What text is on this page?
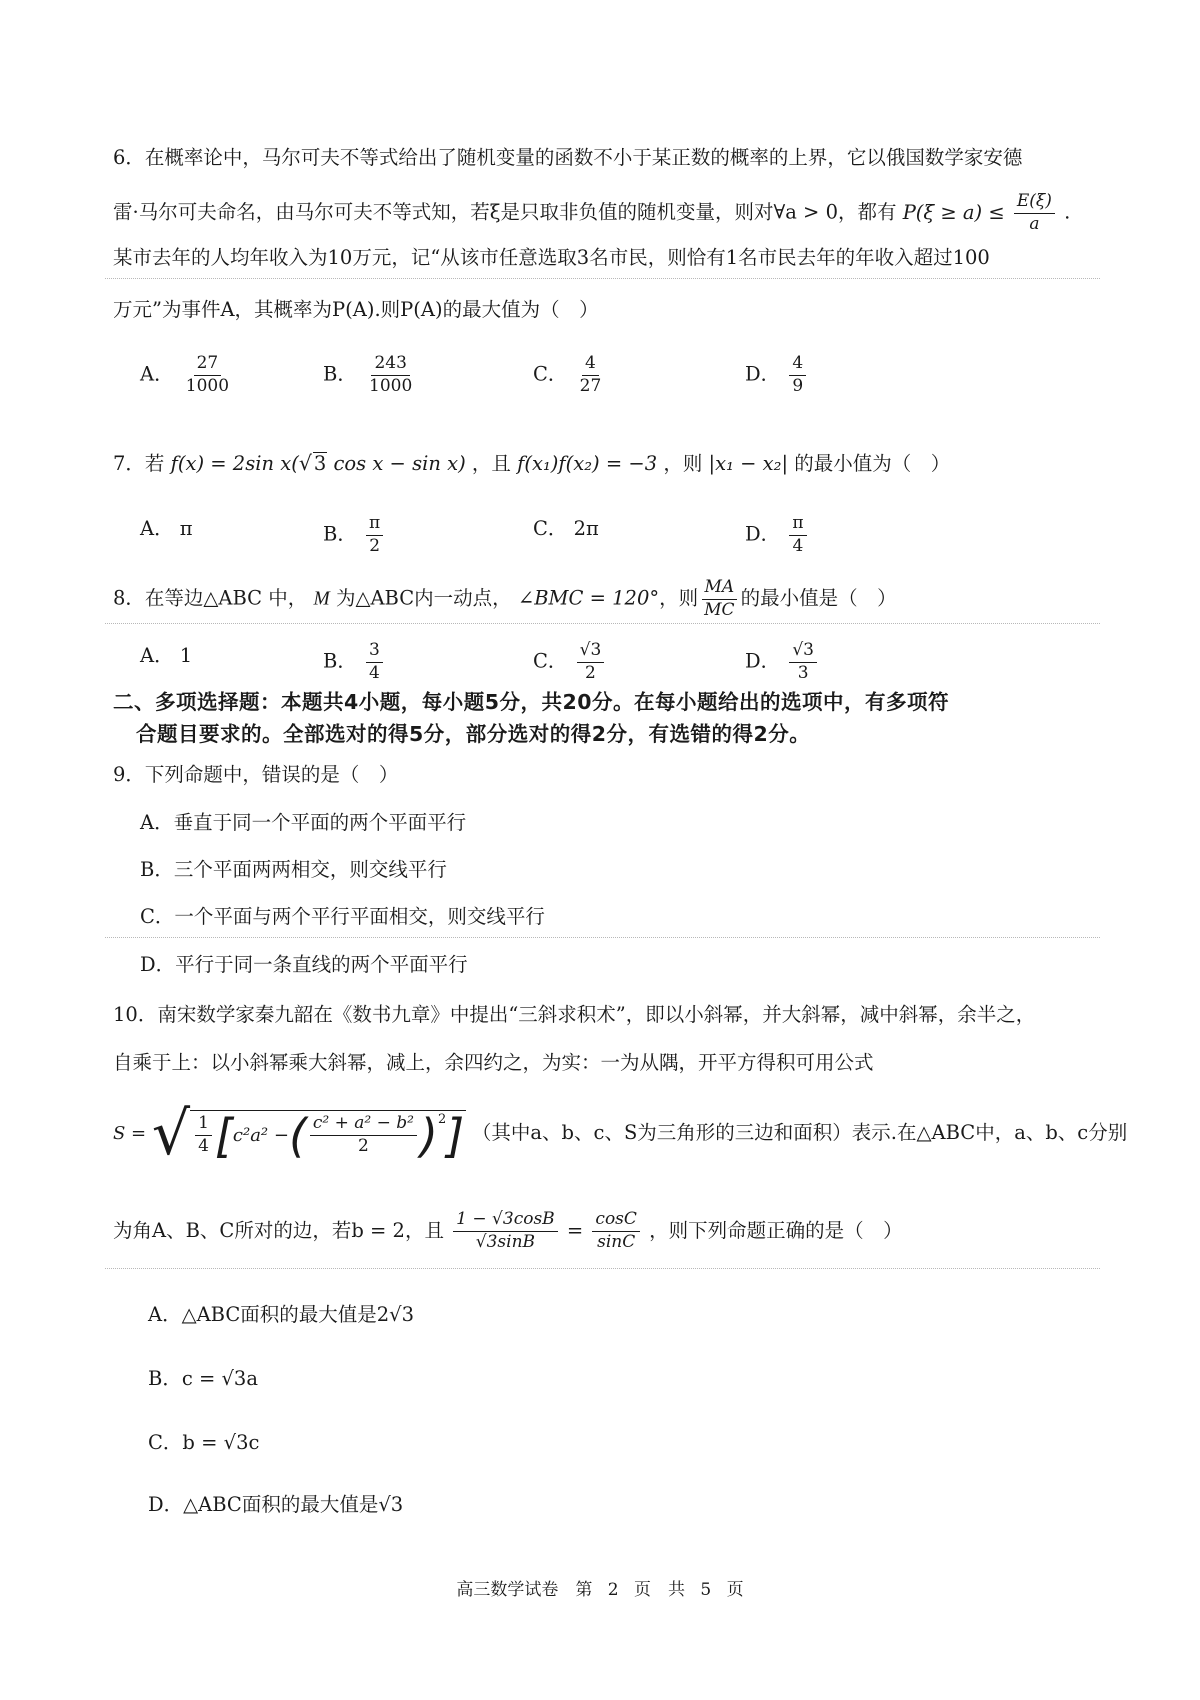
6．在概率论中，马尔可夫不等式给出了随机变量的函数不小于某正数的概率的上界，它以俄国数学家安德
雷·马尔可夫命名，由马尔可夫不等式知，若ξ是只取非负值的随机变量，则对∀a > 0，都有 $P(\xi \ge a) \le \frac{E(\xi)}{a}$ .
某市去年的人均年收入为10万元，记“从该市任意选取3名市民，则恰有1名市民去年的年收入超过100
万元”为事件A，其概率为P(A).则P(A)的最大值为（　）
A． $\frac{27}{1000}$	B． $\frac{243}{1000}$	C． $\frac{4}{27}$	D． $\frac{4}{9}$
7．若 f(x) = 2sin x(√ 3 cos x − sin x) ，且 f(x₁)f(x₂) = −3 ，则 |x₁ − x₂| 的最小值为（　）
A． π	B． $\frac{\pi}{2}$	C． 2π	D． $\frac{\pi}{4}$
8．在等边△ABC 中， M 为△ABC内一动点， ∠BMC = 120°，则 $\frac{MA}{MC}$ 的最小值是（　）
A． 1	B． $\frac{3}{4}$	C． $\frac{√3}{2}$	D． $\frac{√3}{3}$
二、多项选择题：本题共4小题，每小题5分，共20分。在每小题给出的选项中，有多项符
合题目要求的。全部选对的得5分，部分选对的得2分，有选错的得2分。
9．下列命题中，错误的是（　）
A．垂直于同一个平面的两个平面平行
B．三个平面两两相交，则交线平行
C．一个平面与两个平行平面相交，则交线平行
D．平行于同一条直线的两个平面平行
10．南宋数学家秦九韶在《数书九章》中提出“三斜求积术”，即以小斜幂，并大斜幂，减中斜幂，余半之，
自乘于上：以小斜幂乘大斜幂，减上，余四约之，为实：一为从隅，开平方得积可用公式
S = √ $\frac{1}{4} [c^2a^2$ −( $\frac{\text{c² + a² − b²}}{2} )^2$] （其中a、b、c、S为三角形的三边和面积）表示.在△ABC中，a、b、c分别
为角A、B、C所对的边，若b = 2，且 $\frac{1 - √3\cos B}{√3\sin B} = \frac{\cos C}{\sin C}$ ，则下列命题正确的是（　）
A．△ABC面积的最大值是2√3
B．c = √3a
C．b = √3c
D．△ABC面积的最大值是√3
高三数学试卷　第 2 页　共 5 页
